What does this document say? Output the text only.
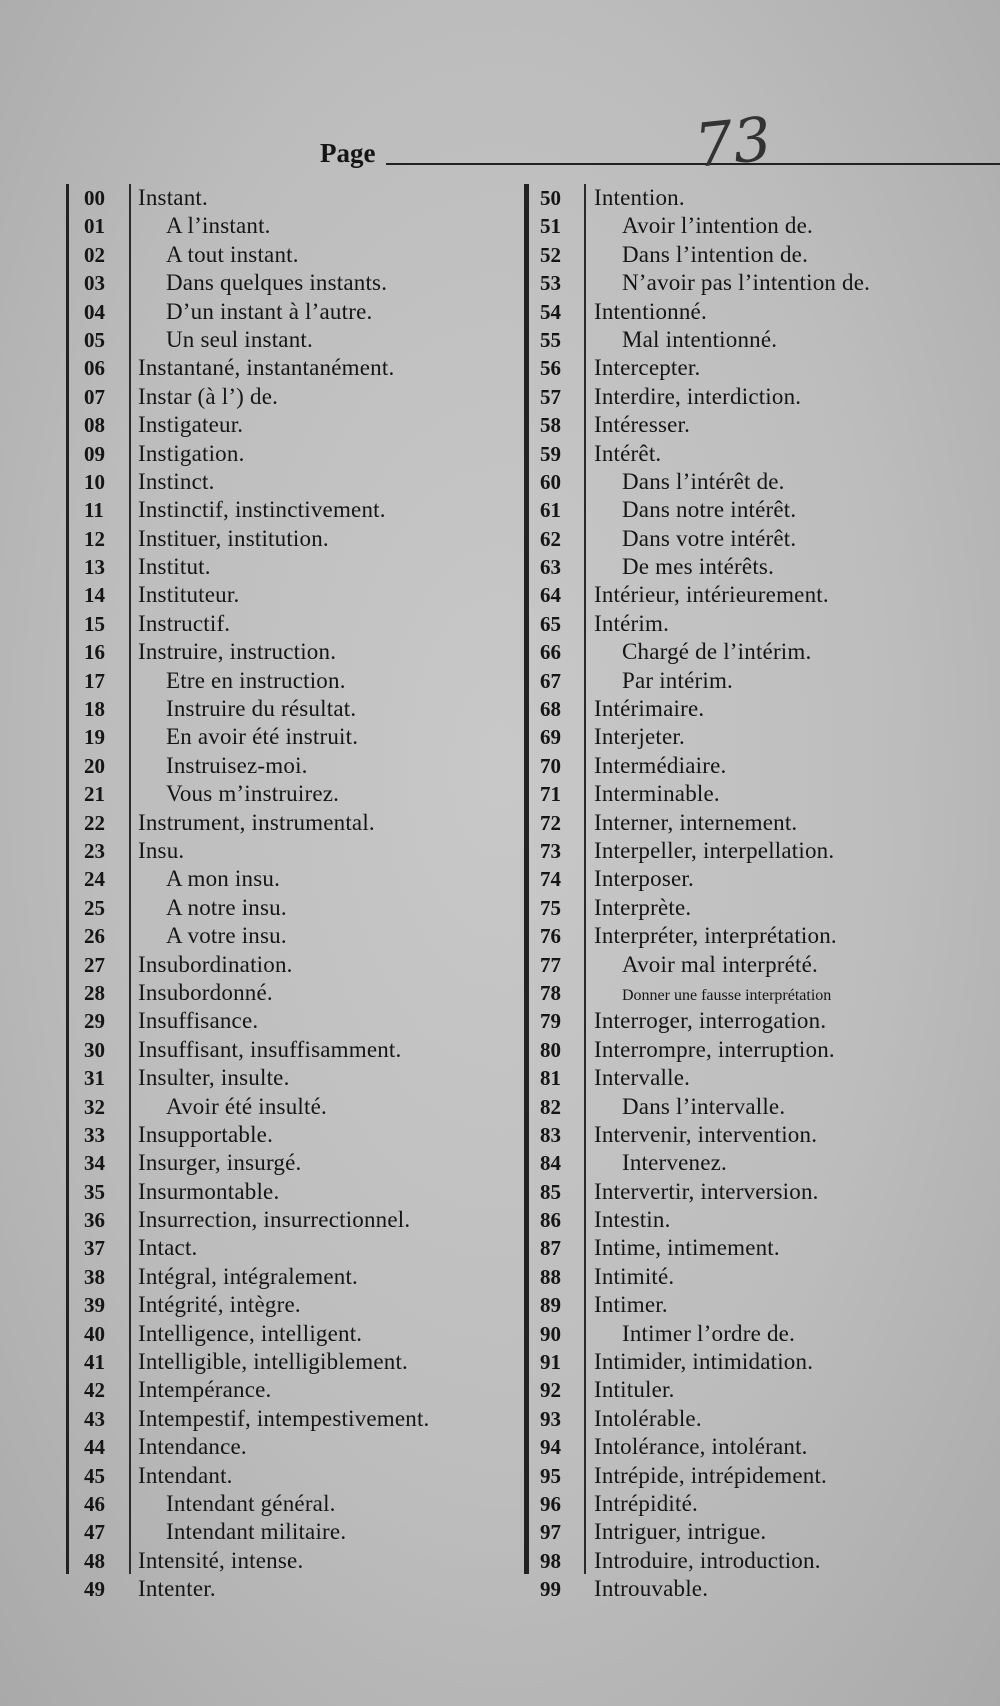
Page	73
00 Instant.
01	A l’instant.
02	A tout instant.
03	Dans quelques instants.
04	D’un instant à l’autre.
05	Un seul instant.
06 Instantané, instantanément.
07 Instar (à l’) de.
08 Instigateur.
09 Instigation.
10 Instinct.
11 Instinctif, instinctivement.
12 Instituer, institution.
13 Institut.
14 Instituteur.
15 Instructif.
16 Instruire, instruction.
17	Etre en instruction.
18	Instruire du résultat.
19	En avoir été instruit.
20	Instruisez-moi.
21	Vous m’instruirez.
22 Instrument, instrumental.
23 Insu.
24	A mon insu.
25	A notre insu.
26	A votre insu.
27 Insubordination.
28 Insubordonné.
29 Insuffisance.
30 Insuffisant, insuffisamment.
31 Insulter, insulte.
32	Avoir été insulté.
33 Insupportable.
34 Insurger, insurgé.
35 Insurmontable.
36 Insurrection, insurrectionnel.
37 Intact.
38 Intégral, intégralement.
39 Intégrité, intègre.
40 Intelligence, intelligent.
41 Intelligible, intelligiblement.
42 Intempérance.
43 Intempestif, intempestivement.
44 Intendance.
45 Intendant.
46	Intendant général.
47	Intendant militaire.
48 Intensité, intense.
49 Intenter.
50 Intention.
51	Avoir l’intention de.
52	Dans l’intention de.
53	N’avoir pas l’intention de.
54 Intentionné.
55	Mal intentionné.
56 Intercepter.
57 Interdire, interdiction.
58 Intéresser.
59 Intérêt.
60	Dans l’intérêt de.
61	Dans notre intérêt.
62	Dans votre intérêt.
63	De mes intérêts.
64 Intérieur, intérieurement.
65 Intérim.
66	Chargé de l’intérim.
67	Par intérim.
68 Intérimaire.
69 Interjeter.
70 Intermédiaire.
71 Interminable.
72 Interner, internement.
73 Interpeller, interpellation.
74 Interposer.
75 Interprète.
76 Interpréter, interprétation.
77	Avoir mal interprété.
78	Donner une fausse interprétation
79 Interroger, interrogation.
80 Interrompre, interruption.
81 Intervalle.
82	Dans l’intervalle.
83 Intervenir, intervention.
84	Intervenez.
85 Intervertir, interversion.
86 Intestin.
87 Intime, intimement.
88 Intimité.
89 Intimer.
90	Intimer l’ordre de.
91 Intimider, intimidation.
92 Intituler.
93 Intolérable.
94 Intolérance, intolérant.
95 Intrépide, intrépidement.
96 Intrépidité.
97 Intriguer, intrigue.
98 Introduire, introduction.
99 Introuvable.
